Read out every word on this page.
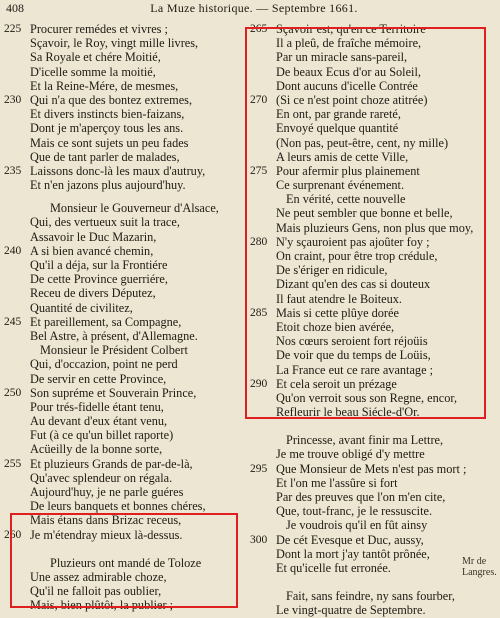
408	La Muze historique. — Septembre 1661.
225 Procurer remédes et vivres ;
Sçavoir, le Roy, vingt mille livres,
Sa Royale et chére Moitié,
D'icelle somme la moitié,
Et la Reine-Mére, de mesmes,
230 Qui n'a que des bontez extremes,
Et divers instincts bien-faizans,
Dont je m'aperçoy tous les ans.
Mais ce sont sujets un peu fades
Que de tant parler de malades,
235 Laissons donc-là les maux d'autruy,
Et n'en jazons plus aujourd'huy.
Monsieur le Gouverneur d'Alsace,
Qui, des vertueux suit la trace,
Assavoir le Duc Mazarin,
240 A si bien avancé chemin,
Qu'il a déja, sur la Frontiére
De cette Province guerriére,
Receu de divers Députez,
Quantité de civilitez,
245 Et pareillement, sa Compagne,
Bel Astre, à présent, d'Allemagne.
Monsieur le Président Colbert
Qui, d'occazion, point ne perd
De servir en cette Province,
250 Son supréme et Souverain Prince,
Pour trés-fidelle étant tenu,
Au devant d'eux étant venu,
Fut (à ce qu'un billet raporte)
Acüeilly de la bonne sorte,
255 Et pluzieurs Grands de par-de-là,
Qu'avec splendeur on régala.
Aujourd'huy, je ne parle guéres
De leurs banquets et bonnes chéres,
Mais étans dans Brizac receus,
260 Je m'étendray mieux là-dessus.
Pluzieurs ont mandé de Toloze
Une assez admirable choze,
Qu'il ne falloit pas oublier,
Mais, bien plûtôt, la publier ;
265 Sçavoir est, qu'en ce Territoire
Il a pleû, de fraîche mémoire,
Par un miracle sans-pareil,
De beaux Ecus d'or au Soleil,
Dont aucuns d'icelle Contrée
270 (Si ce n'est point choze atitrée)
En ont, par grande rareté,
Envoyé quelque quantité
(Non pas, peut-être, cent, ny mille)
A leurs amis de cette Ville,
275 Pour afermir plus plainement
Ce surprenant événement.
En vérité, cette nouvelle
Ne peut sembler que bonne et belle,
Mais pluzieurs Gens, non plus que moy,
280 N'y sçauroient pas ajoûter foy ;
On craint, pour être trop crédule,
De s'ériger en ridicule,
Dizant qu'en des cas si douteux
Il faut atendre le Boiteux.
285 Mais si cette plûye dorée
Etoit choze bien avérée,
Nos cœurs seroient fort réjoüis
De voir que du temps de Loüis,
La France eut ce rare avantage ;
290 Et cela seroit un prézage
Qu'on verroit sous son Regne, encor,
Refleurir le beau Siécle-d'Or.
Princesse, avant finir ma Lettre,
Je me trouve obligé d'y mettre
295 Que Monsieur de Mets n'est pas mort ;
Et l'on me l'assûre si fort
Par des preuves que l'on m'en cite,
Que, tout-franc, je le ressuscite.
Je voudrois qu'il en fût ainsy
300 De cét Evesque et Duc, aussy,
Dont la mort j'ay tantôt prônée,
Et qu'icelle fut erronée.
Fait, sans feindre, ny sans fourber,
Le vingt-quatre de Septembre.
Mr de
Langres.
